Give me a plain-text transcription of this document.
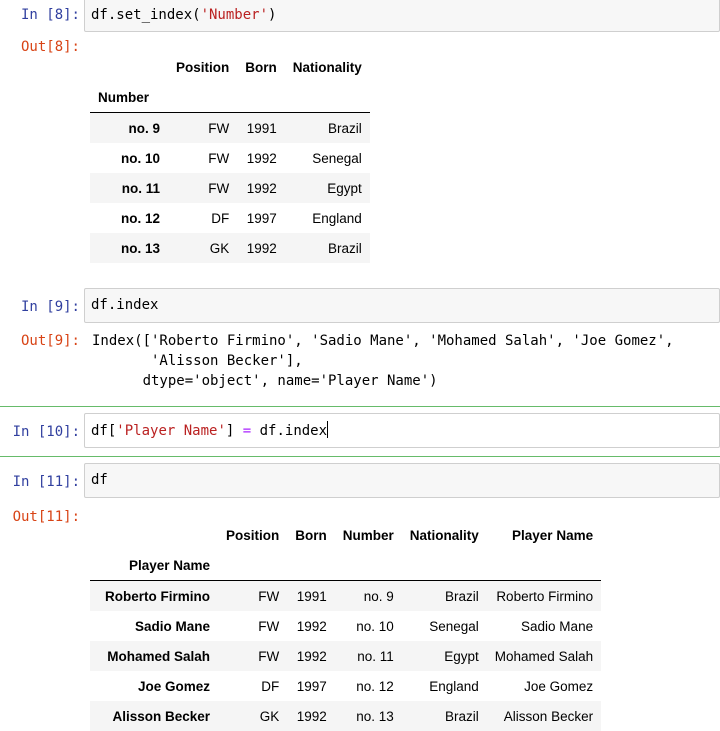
In [8]: df.set_index('Number')
Out[8]:
	Position	Born	Nationality
Number			
no. 9	FW	1991	Brazil
no. 10	FW	1992	Senegal
no. 11	FW	1992	Egypt
no. 12	DF	1997	England
no. 13	GK	1992	Brazil
In [9]: df.index
Out[9]: Index(['Roberto Firmino', 'Sadio Mane', 'Mohamed Salah', 'Joe Gomez',
'Alisson Becker'],
dtype='object', name='Player Name')
In [10]: df['Player Name'] = df.index
In [11]: df
Out[11]:
	Position	Born	Number	Nationality	Player Name
Player Name					
Roberto Firmino	FW	1991	no. 9	Brazil	Roberto Firmino
Sadio Mane	FW	1992	no. 10	Senegal	Sadio Mane
Mohamed Salah	FW	1992	no. 11	Egypt	Mohamed Salah
Joe Gomez	DF	1997	no. 12	England	Joe Gomez
Alisson Becker	GK	1992	no. 13	Brazil	Alisson Becker
